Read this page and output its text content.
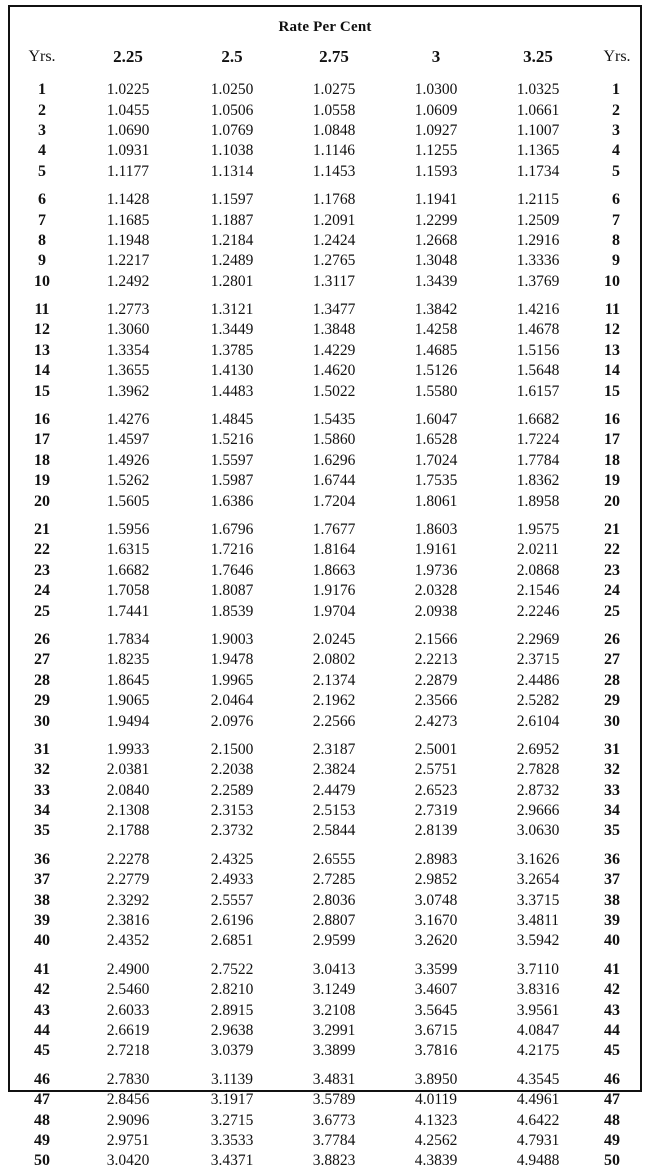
Rate Per Cent
Yrs.	2.25	2.5	2.75	3	3.25	Yrs.

1	1.0225	1.0250	1.0275	1.0300	1.0325	1
2	1.0455	1.0506	1.0558	1.0609	1.0661	2
3	1.0690	1.0769	1.0848	1.0927	1.1007	3
4	1.0931	1.1038	1.1146	1.1255	1.1365	4
5	1.1177	1.1314	1.1453	1.1593	1.1734	5
6	1.1428	1.1597	1.1768	1.1941	1.2115	6
7	1.1685	1.1887	1.2091	1.2299	1.2509	7
8	1.1948	1.2184	1.2424	1.2668	1.2916	8
9	1.2217	1.2489	1.2765	1.3048	1.3336	9
10	1.2492	1.2801	1.3117	1.3439	1.3769	10
11	1.2773	1.3121	1.3477	1.3842	1.4216	11
12	1.3060	1.3449	1.3848	1.4258	1.4678	12
13	1.3354	1.3785	1.4229	1.4685	1.5156	13
14	1.3655	1.4130	1.4620	1.5126	1.5648	14
15	1.3962	1.4483	1.5022	1.5580	1.6157	15
16	1.4276	1.4845	1.5435	1.6047	1.6682	16
17	1.4597	1.5216	1.5860	1.6528	1.7224	17
18	1.4926	1.5597	1.6296	1.7024	1.7784	18
19	1.5262	1.5987	1.6744	1.7535	1.8362	19
20	1.5605	1.6386	1.7204	1.8061	1.8958	20
21	1.5956	1.6796	1.7677	1.8603	1.9575	21
22	1.6315	1.7216	1.8164	1.9161	2.0211	22
23	1.6682	1.7646	1.8663	1.9736	2.0868	23
24	1.7058	1.8087	1.9176	2.0328	2.1546	24
25	1.7441	1.8539	1.9704	2.0938	2.2246	25
26	1.7834	1.9003	2.0245	2.1566	2.2969	26
27	1.8235	1.9478	2.0802	2.2213	2.3715	27
28	1.8645	1.9965	2.1374	2.2879	2.4486	28
29	1.9065	2.0464	2.1962	2.3566	2.5282	29
30	1.9494	2.0976	2.2566	2.4273	2.6104	30
31	1.9933	2.1500	2.3187	2.5001	2.6952	31
32	2.0381	2.2038	2.3824	2.5751	2.7828	32
33	2.0840	2.2589	2.4479	2.6523	2.8732	33
34	2.1308	2.3153	2.5153	2.7319	2.9666	34
35	2.1788	2.3732	2.5844	2.8139	3.0630	35
36	2.2278	2.4325	2.6555	2.8983	3.1626	36
37	2.2779	2.4933	2.7285	2.9852	3.2654	37
38	2.3292	2.5557	2.8036	3.0748	3.3715	38
39	2.3816	2.6196	2.8807	3.1670	3.4811	39
40	2.4352	2.6851	2.9599	3.2620	3.5942	40
41	2.4900	2.7522	3.0413	3.3599	3.7110	41
42	2.5460	2.8210	3.1249	3.4607	3.8316	42
43	2.6033	2.8915	3.2108	3.5645	3.9561	43
44	2.6619	2.9638	3.2991	3.6715	4.0847	44
45	2.7218	3.0379	3.3899	3.7816	4.2175	45
46	2.7830	3.1139	3.4831	3.8950	4.3545	46
47	2.8456	3.1917	3.5789	4.0119	4.4961	47
48	2.9096	3.2715	3.6773	4.1323	4.6422	48
49	2.9751	3.3533	3.7784	4.2562	4.7931	49
50	3.0420	3.4371	3.8823	4.3839	4.9488	50
